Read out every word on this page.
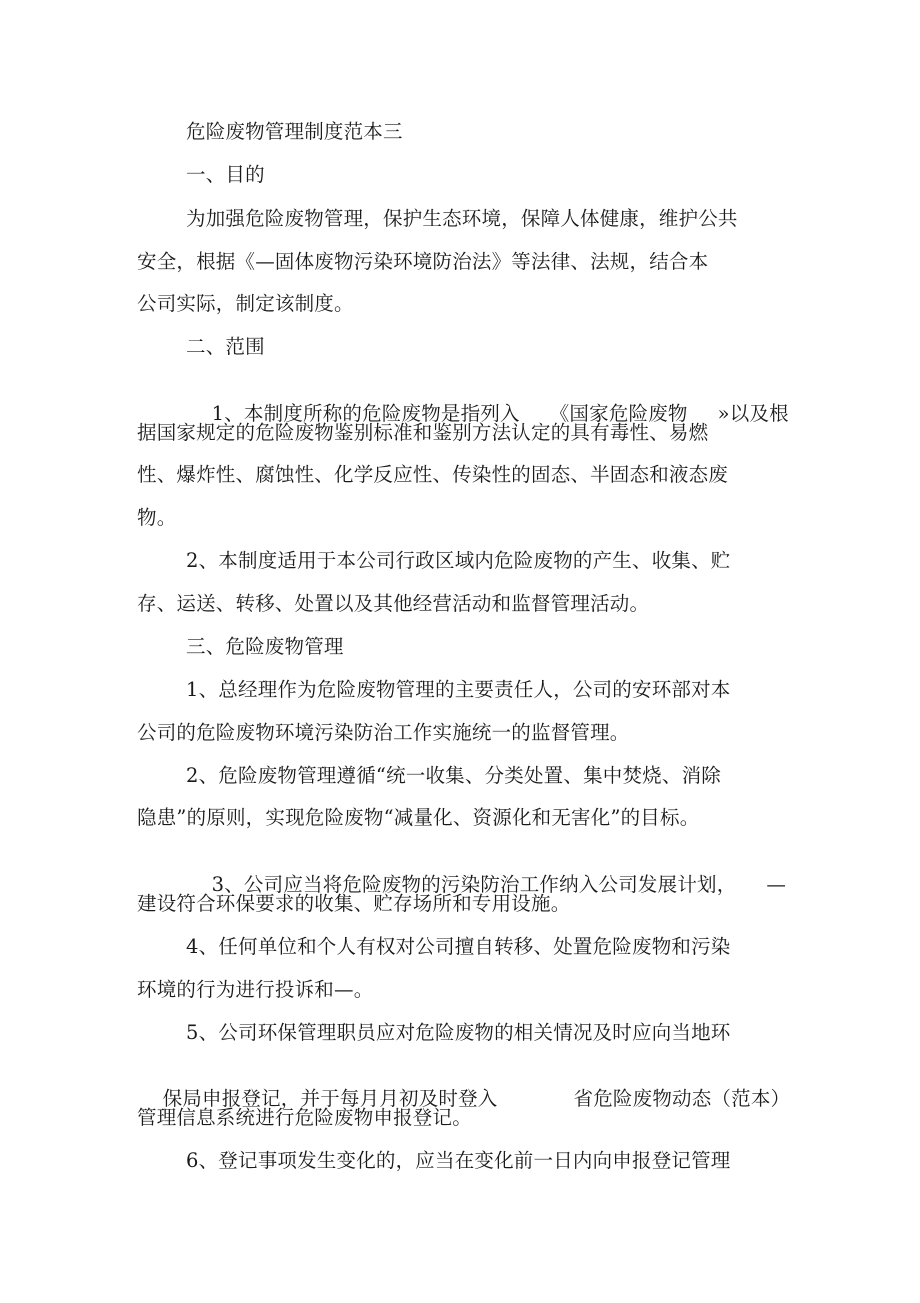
危险废物管理制度范本三
一、目的
为加强危险废物管理，保护生态环境，保障人体健康，维护公共
安全，根据《—固体废物污染环境防治法》等法律、法规，结合本
公司实际，制定该制度。
二、范围

1、本制度所称的危险废物是指列入 《国家危险废物 »以及根

据国家规定的危险废物鉴别标准和鉴别方法认定的具有毒性、易燃
性、爆炸性、腐蚀性、化学反应性、传染性的固态、半固态和液态废
物。
2、本制度适用于本公司行政区域内危险废物的产生、收集、贮
存、运送、转移、处置以及其他经营活动和监督管理活动。
三、危险废物管理
1、总经理作为危险废物管理的主要责任人，公司的安环部对本
公司的危险废物环境污染防治工作实施统一的监督管理。
2、危险废物管理遵循“统一收集、分类处置、集中焚烧、消除
隐患”的原则，实现危险废物“减量化、资源化和无害化”的目标。

3、公司应当将危险废物的污染防治工作纳入公司发展计划， —

建设符合环保要求的收集、贮存场所和专用设施。
4、任何单位和个人有权对公司擅自转移、处置危险废物和污染
环境的行为进行投诉和—。
5、公司环保管理职员应对危险废物的相关情况及时应向当地环

保局申报登记，并于每月月初及时登入	省危险废物动态（范本）

管理信息系统进行危险废物申报登记。
6、登记事项发生变化的，应当在变化前一日内向申报登记管理
